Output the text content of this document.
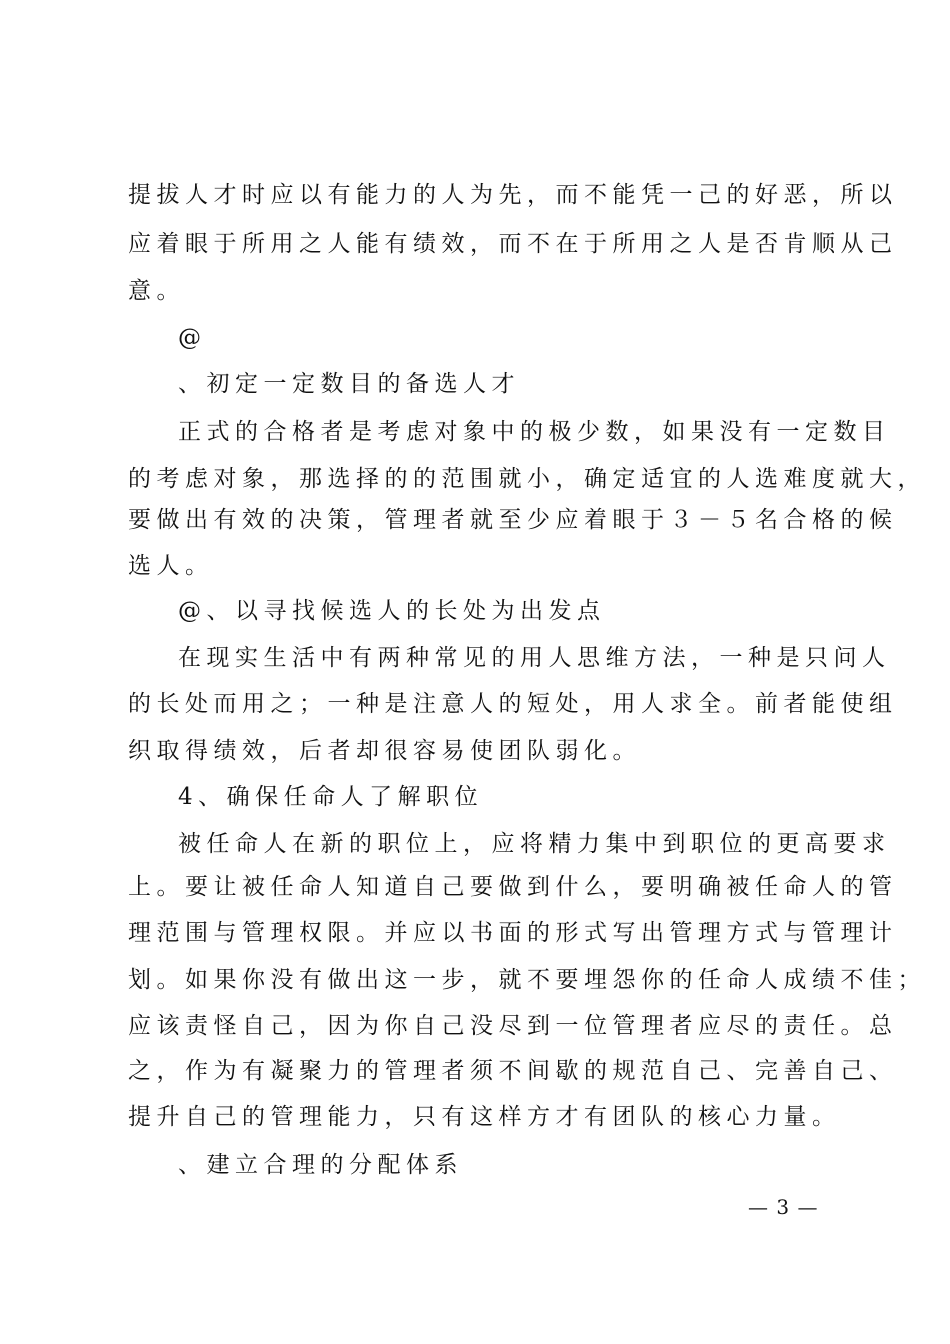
提拔人才时应以有能力的人为先，而不能凭一己的好恶，所以
应着眼于所用之人能有绩效，而不在于所用之人是否肯顺从己
意。
@
、初定一定数目的备选人才
正式的合格者是考虑对象中的极少数，如果没有一定数目
的考虑对象，那选择的的范围就小，确定适宜的人选难度就大，
要做出有效的决策，管理者就至少应着眼于３－５名合格的候
选人。
@、以寻找候选人的长处为出发点
在现实生活中有两种常见的用人思维方法，一种是只问人
的长处而用之；一种是注意人的短处，用人求全。前者能使组
织取得绩效，后者却很容易使团队弱化。
4、确保任命人了解职位
被任命人在新的职位上，应将精力集中到职位的更高要求
上。要让被任命人知道自己要做到什么，要明确被任命人的管
理范围与管理权限。并应以书面的形式写出管理方式与管理计
划。如果你没有做出这一步，就不要埋怨你的任命人成绩不佳；
应该责怪自己，因为你自己没尽到一位管理者应尽的责任。总
之，作为有凝聚力的管理者须不间歇的规范自己、完善自己、
提升自己的管理能力，只有这样方才有团队的核心力量。
、建立合理的分配体系
— 3 —
